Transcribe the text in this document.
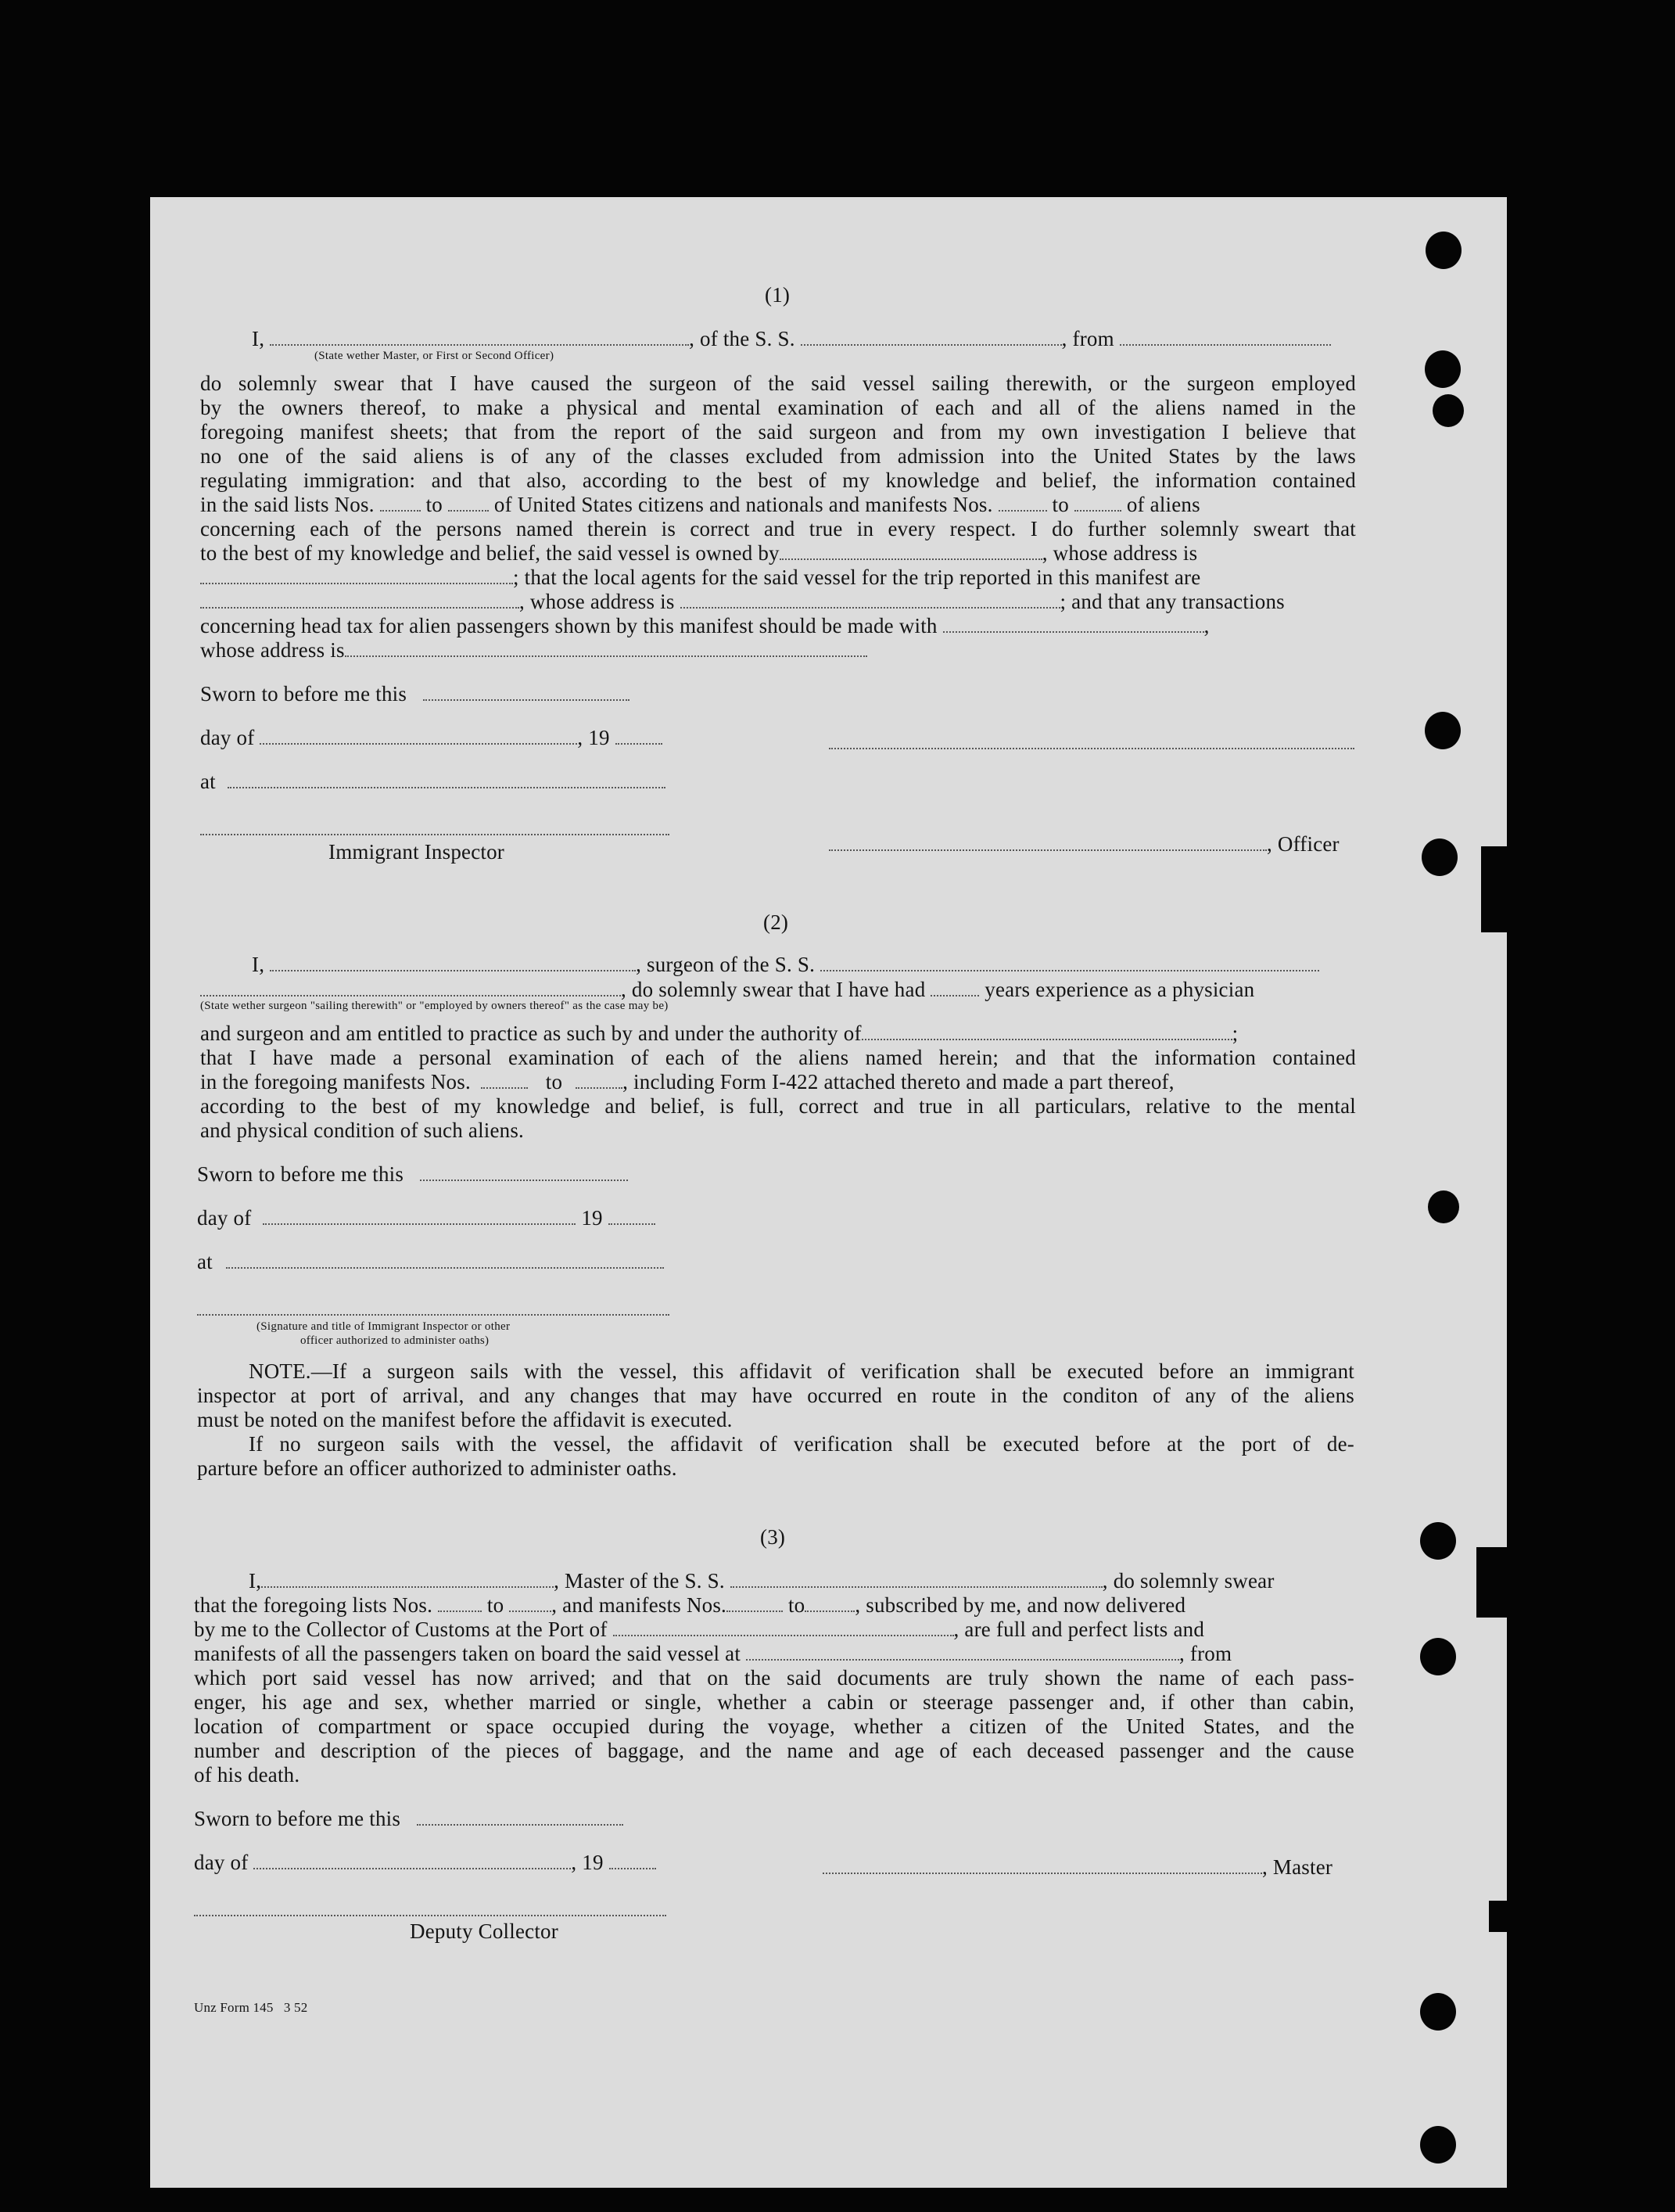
(1)
I,	, of the S. S.	, from
(State wether Master, or First or Second Officer)
do solemnly swear that I have caused the surgeon of the said vessel sailing therewith, or the surgeon employed
by the owners thereof, to make a physical and mental examination of each and all of the aliens named in the
foregoing manifest sheets; that from the report of the said surgeon and from my own investigation I believe that
no one of the said aliens is of any of the classes excluded from admission into the United States by the laws
regulating immigration: and that also, according to the best of my knowledge and belief, the information contained
in the said lists Nos. to of United States citizens and nationals and manifests Nos.	to	of aliens
concerning each of the persons named therein is correct and true in every respect. I do further solemnly sweart that
to the best of my knowledge and belief, the said vessel is owned by	, whose address is
; that the local agents for the said vessel for the trip reported in this manifest are
, whose address is	; and that any transactions
concerning head tax for alien passengers shown by this manifest should be made with	,
whose address is
Sworn to before me this
day of	, 19
at
Immigrant Inspector	, Officer
(2)
I,	, surgeon of the S. S.
, do solemnly swear that I have had	years experience as a physician
(State wether surgeon "sailing therewith" or "employed by owners thereof" as the case may be)
and surgeon and am entitled to practice as such by and under the authority of	;
that I have made a personal examination of each of the aliens named herein; and that the information contained
in the foregoing manifests Nos.	to	, including Form I-422 attached thereto and made a part thereof,
according to the best of my knowledge and belief, is full, correct and true in all particulars, relative to the mental
and physical condition of such aliens.
Sworn to before me this
day of	19
at
(Signature and title of Immigrant Inspector or other
officer authorized to administer oaths)
NOTE.—If a surgeon sails with the vessel, this affidavit of verification shall be executed before an immigrant
inspector at port of arrival, and any changes that may have occurred en route in the conditon of any of the aliens
must be noted on the manifest before the affidavit is executed.
If no surgeon sails with the vessel, the affidavit of verification shall be executed before at the port of de-
parture before an officer authorized to administer oaths.
(3)
I,	, Master of the S. S.	, do solemnly swear
that the foregoing lists Nos.	to , and manifests Nos.	to , subscribed by me, and now delivered
by me to the Collector of Customs at the Port of	, are full and perfect lists and
manifests of all the passengers taken on board the said vessel at	, from
which port said vessel has now arrived; and that on the said documents are truly shown the name of each pass-
enger, his age and sex, whether married or single, whether a cabin or steerage passenger and, if other than cabin,
location of compartment or space occupied during the voyage, whether a citizen of the United States, and the
number and description of the pieces of baggage, and the name and age of each deceased passenger and the cause
of his death.
Sworn to before me this
day of	, 19	, Master
Deputy Collector
Unz Form 145   3 52
